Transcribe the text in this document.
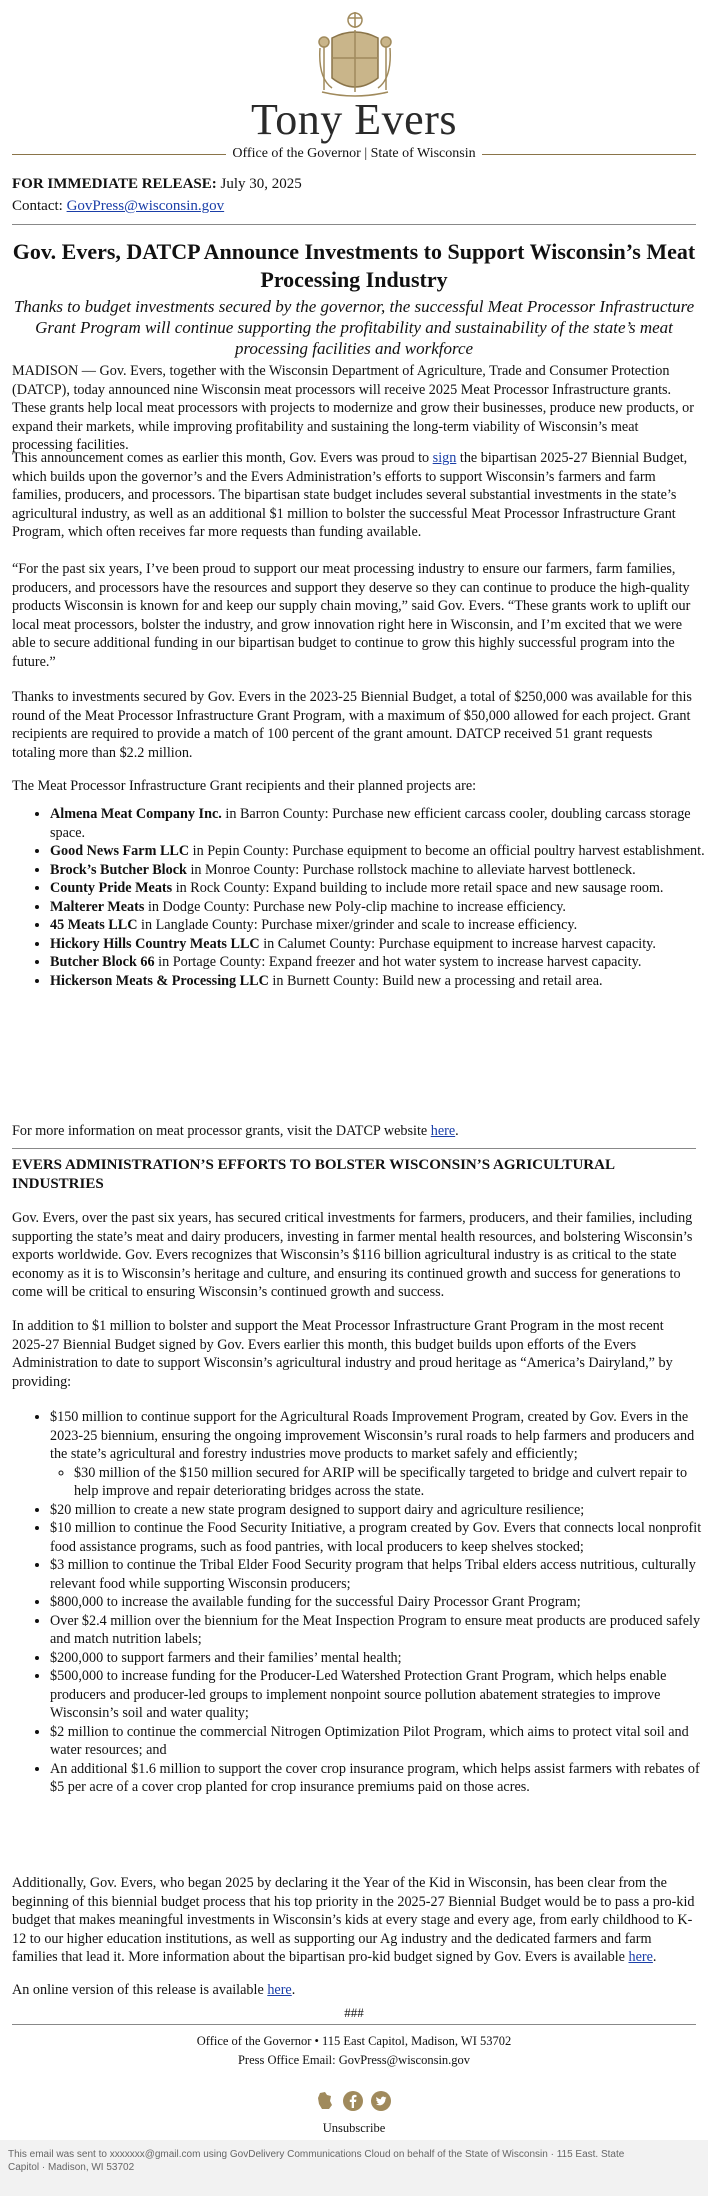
Tony Evers
Office of the Governor | State of Wisconsin
FOR IMMEDIATE RELEASE: July 30, 2025
Contact: GovPress@wisconsin.gov
Gov. Evers, DATCP Announce Investments to Support Wisconsin’s Meat Processing Industry
Thanks to budget investments secured by the governor, the successful Meat Processor Infrastructure Grant Program will continue supporting the profitability and sustainability of the state’s meat processing facilities and workforce
MADISON — Gov. Evers, together with the Wisconsin Department of Agriculture, Trade and Consumer Protection (DATCP), today announced nine Wisconsin meat processors will receive 2025 Meat Processor Infrastructure grants. These grants help local meat processors with projects to modernize and grow their businesses, produce new products, or expand their markets, while improving profitability and sustaining the long-term viability of Wisconsin’s meat processing facilities.
This announcement comes as earlier this month, Gov. Evers was proud to sign the bipartisan 2025-27 Biennial Budget, which builds upon the governor’s and the Evers Administration’s efforts to support Wisconsin’s farmers and farm families, producers, and processors. The bipartisan state budget includes several substantial investments in the state’s agricultural industry, as well as an additional $1 million to bolster the successful Meat Processor Infrastructure Grant Program, which often receives far more requests than funding available.
“For the past six years, I’ve been proud to support our meat processing industry to ensure our farmers, farm families, producers, and processors have the resources and support they deserve so they can continue to produce the high-quality products Wisconsin is known for and keep our supply chain moving,” said Gov. Evers. “These grants work to uplift our local meat processors, bolster the industry, and grow innovation right here in Wisconsin, and I’m excited that we were able to secure additional funding in our bipartisan budget to continue to grow this highly successful program into the future.”
Thanks to investments secured by Gov. Evers in the 2023-25 Biennial Budget, a total of $250,000 was available for this round of the Meat Processor Infrastructure Grant Program, with a maximum of $50,000 allowed for each project. Grant recipients are required to provide a match of 100 percent of the grant amount. DATCP received 51 grant requests totaling more than $2.2 million.
The Meat Processor Infrastructure Grant recipients and their planned projects are:
• Almena Meat Company Inc. in Barron County: Purchase new efficient carcass cooler, doubling carcass storage space.
• Good News Farm LLC in Pepin County: Purchase equipment to become an official poultry harvest establishment.
• Brock’s Butcher Block in Monroe County: Purchase rollstock machine to alleviate harvest bottleneck.
• County Pride Meats in Rock County: Expand building to include more retail space and new sausage room.
• Malterer Meats in Dodge County: Purchase new Poly-clip machine to increase efficiency.
• 45 Meats LLC in Langlade County: Purchase mixer/grinder and scale to increase efficiency.
• Hickory Hills Country Meats LLC in Calumet County: Purchase equipment to increase harvest capacity.
• Butcher Block 66 in Portage County: Expand freezer and hot water system to increase harvest capacity.
• Hickerson Meats & Processing LLC in Burnett County: Build new a processing and retail area.
For more information on meat processor grants, visit the DATCP website here.
EVERS ADMINISTRATION’S EFFORTS TO BOLSTER WISCONSIN’S AGRICULTURAL INDUSTRIES
Gov. Evers, over the past six years, has secured critical investments for farmers, producers, and their families, including supporting the state’s meat and dairy producers, investing in farmer mental health resources, and bolstering Wisconsin’s exports worldwide. Gov. Evers recognizes that Wisconsin’s $116 billion agricultural industry is as critical to the state economy as it is to Wisconsin’s heritage and culture, and ensuring its continued growth and success for generations to come will be critical to ensuring Wisconsin’s continued growth and success.
In addition to $1 million to bolster and support the Meat Processor Infrastructure Grant Program in the most recent 2025-27 Biennial Budget signed by Gov. Evers earlier this month, this budget builds upon efforts of the Evers Administration to date to support Wisconsin’s agricultural industry and proud heritage as “America’s Dairyland,” by providing:
• $150 million to continue support for the Agricultural Roads Improvement Program, created by Gov. Evers in the 2023-25 biennium, ensuring the ongoing improvement Wisconsin’s rural roads to help farmers and producers and the state’s agricultural and forestry industries move products to market safely and efficiently;
◦ $30 million of the $150 million secured for ARIP will be specifically targeted to bridge and culvert repair to help improve and repair deteriorating bridges across the state.
• $20 million to create a new state program designed to support dairy and agriculture resilience;
• $10 million to continue the Food Security Initiative, a program created by Gov. Evers that connects local nonprofit food assistance programs, such as food pantries, with local producers to keep shelves stocked;
• $3 million to continue the Tribal Elder Food Security program that helps Tribal elders access nutritious, culturally relevant food while supporting Wisconsin producers;
• $800,000 to increase the available funding for the successful Dairy Processor Grant Program;
• Over $2.4 million over the biennium for the Meat Inspection Program to ensure meat products are produced safely and match nutrition labels;
• $200,000 to support farmers and their families’ mental health;
• $500,000 to increase funding for the Producer-Led Watershed Protection Grant Program, which helps enable producers and producer-led groups to implement nonpoint source pollution abatement strategies to improve Wisconsin’s soil and water quality;
• $2 million to continue the commercial Nitrogen Optimization Pilot Program, which aims to protect vital soil and water resources; and
• An additional $1.6 million to support the cover crop insurance program, which helps assist farmers with rebates of $5 per acre of a cover crop planted for crop insurance premiums paid on those acres.
Additionally, Gov. Evers, who began 2025 by declaring it the Year of the Kid in Wisconsin, has been clear from the beginning of this biennial budget process that his top priority in the 2025-27 Biennial Budget would be to pass a pro-kid budget that makes meaningful investments in Wisconsin’s kids at every stage and every age, from early childhood to K-12 to our higher education institutions, as well as supporting our Ag industry and the dedicated farmers and farm families that lead it. More information about the bipartisan pro-kid budget signed by Gov. Evers is available here.
An online version of this release is available here.
###
Office of the Governor • 115 East Capitol, Madison, WI 53702
Press Office Email: GovPress@wisconsin.gov
Unsubscribe
This email was sent to xxxxxxx@gmail.com using GovDelivery Communications Cloud on behalf of the State of Wisconsin · 115 East. State Capitol · Madison, WI 53702
